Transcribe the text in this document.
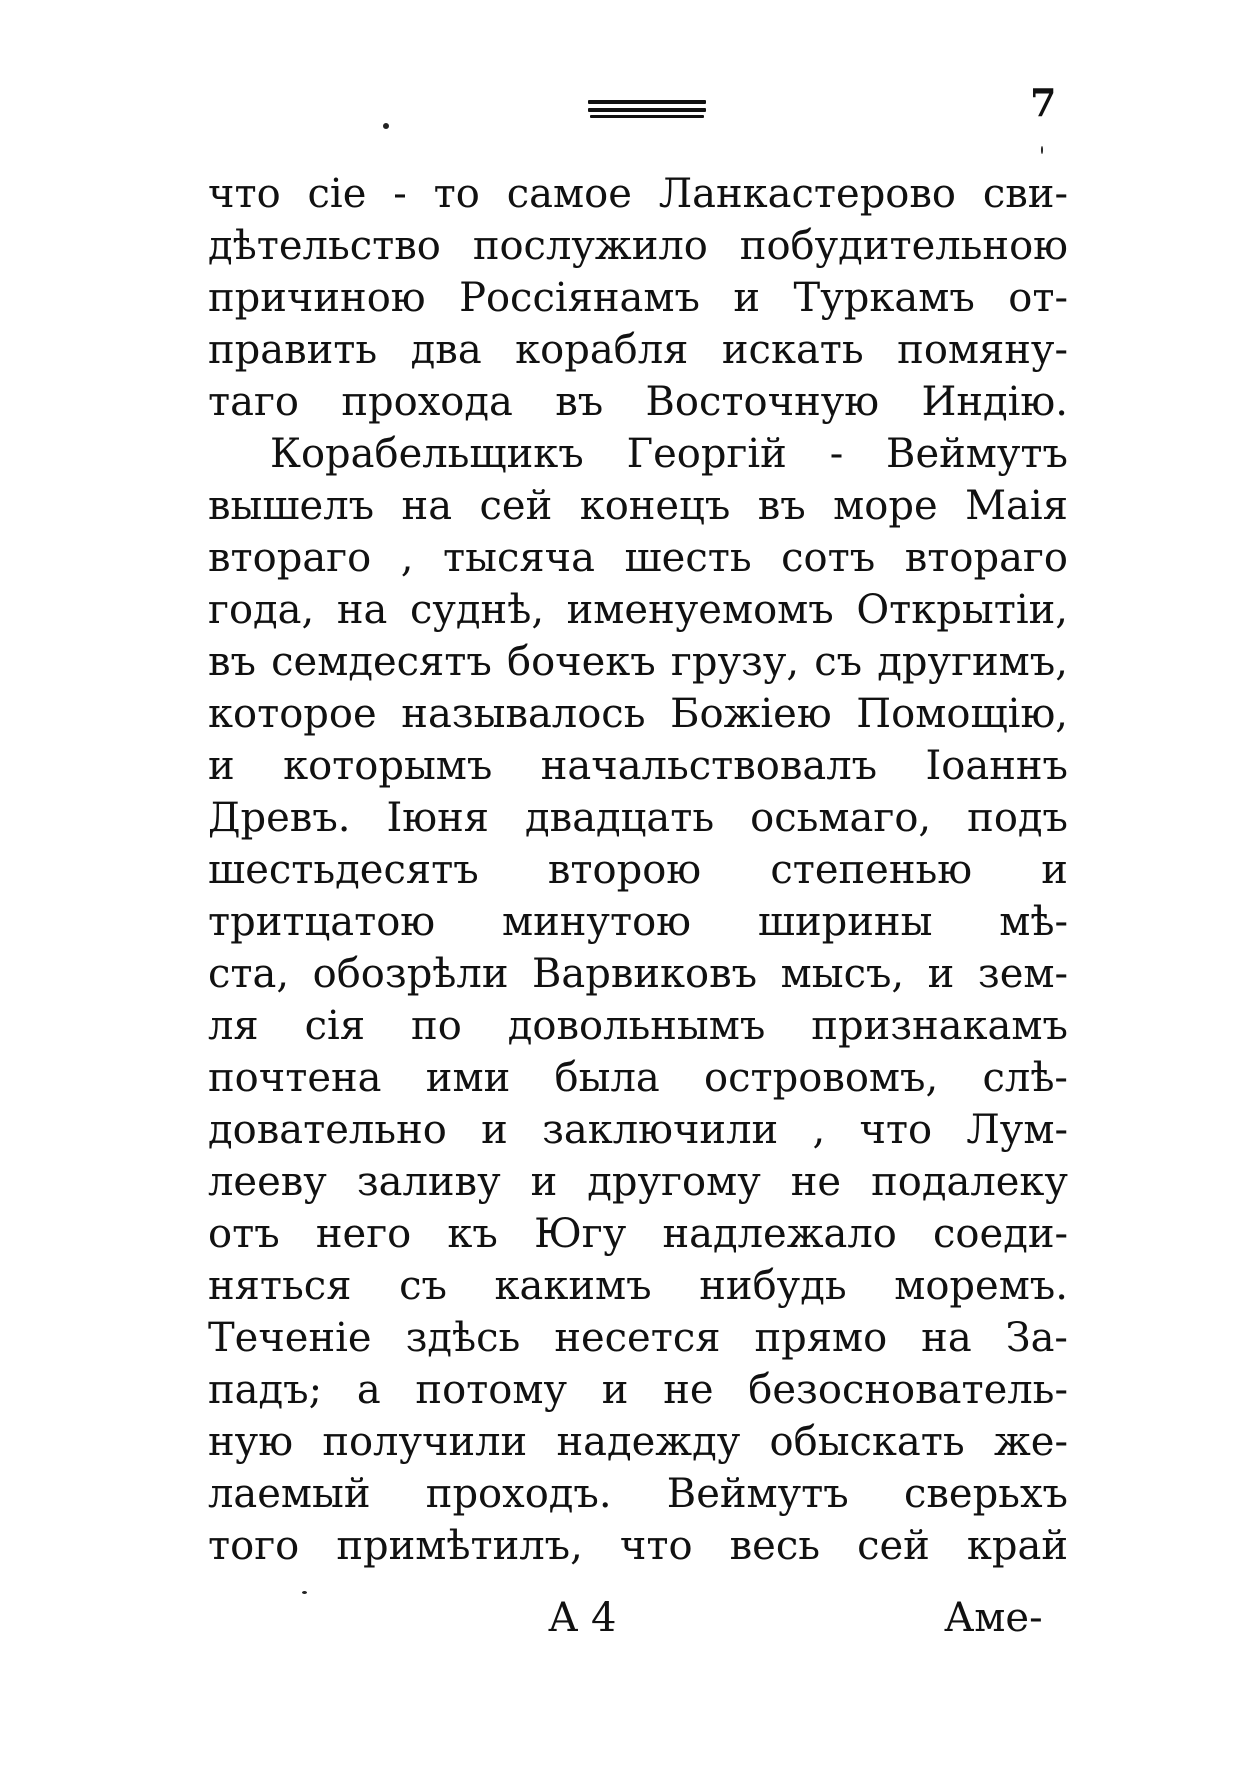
7
что сіе - то самое Ланкастерово сви-
дѣтельство послужило побудительною
причиною Россіянамъ и Туркамъ от-
править два корабля искать помяну-
таго прохода въ Восточную Индію.
Корабельщикъ Георгій - Веймутъ
вышелъ на сей конецъ въ море Маія
втораго , тысяча шесть сотъ втораго
года, на суднѣ, именуемомъ Открытіи,
въ семдесятъ бочекъ грузу, съ другимъ,
которое называлось Божіею Помощію,
и которымъ начальствовалъ Іоаннъ
Древъ. Іюня двадцать осьмаго, подъ
шестьдесятъ второю степенью и
тритцатою минутою ширины мѣ-
ста, обозрѣли Варвиковъ мысъ, и зем-
ля сія по довольнымъ признакамъ
почтена ими была островомъ, слѣ-
довательно и заключили , что Лум-
лееву заливу и другому не подалеку
отъ него къ Югу надлежало соеди-
няться съ какимъ нибудь моремъ.
Теченіе здѣсь несется прямо на За-
падъ; а потому и не безоснователь-
ную получили надежду обыскать же-
лаемый проходъ. Веймутъ сверьхъ
того примѣтилъ, что весь сей край
А 4	Аме-
